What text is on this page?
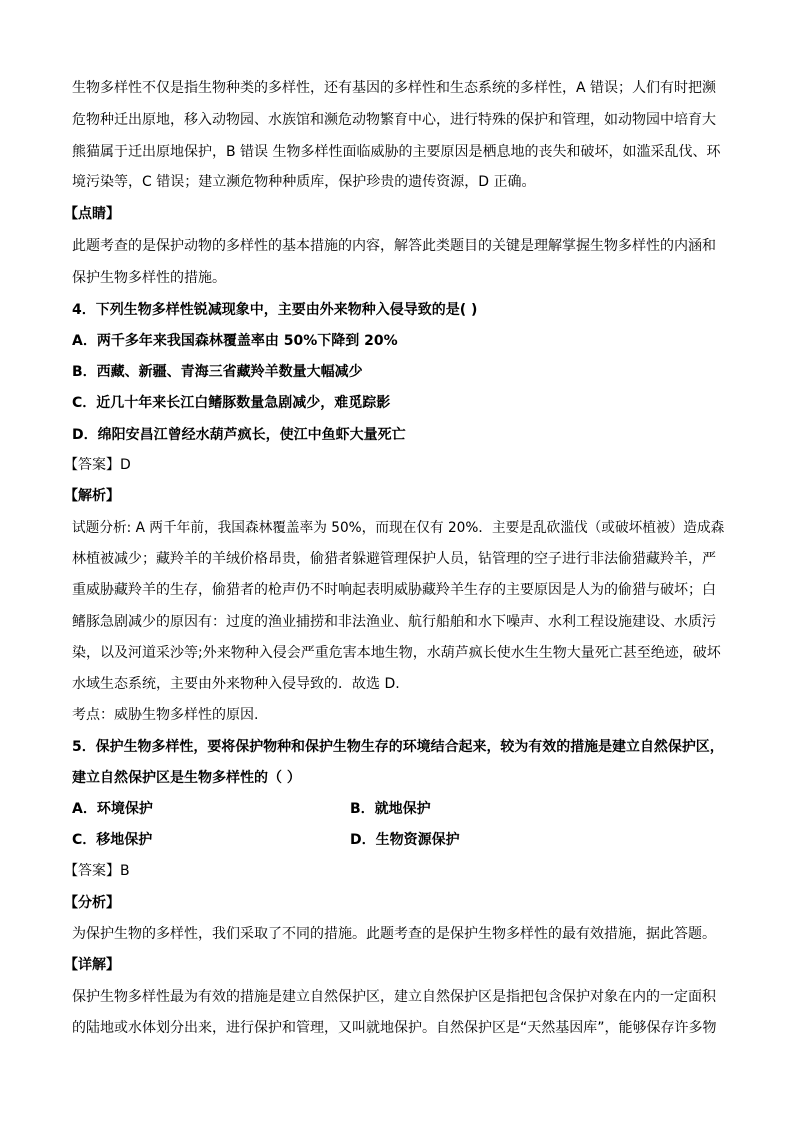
生物多样性不仅是指生物种类的多样性，还有基因的多样性和生态系统的多样性，A 错误；人们有时把濒
危物种迁出原地，移入动物园、水族馆和濒危动物繁育中心，进行特殊的保护和管理，如动物园中培育大
熊猫属于迁出原地保护，B 错误 生物多样性面临威胁的主要原因是栖息地的丧失和破坏，如滥采乱伐、环
境污染等，C 错误；建立濒危物种种质库，保护珍贵的遗传资源，D 正确。
【点睛】
此题考查的是保护动物的多样性的基本措施的内容，解答此类题目的关键是理解掌握生物多样性的内涵和
保护生物多样性的措施。
4．下列生物多样性锐减现象中，主要由外来物种入侵导致的是( )
A．两千多年来我国森林覆盖率由 50%下降到 20%
B．西藏、新疆、青海三省藏羚羊数量大幅减少
C．近几十年来长江白鳍豚数量急剧减少，难觅踪影
D．绵阳安昌江曾经水葫芦疯长，使江中鱼虾大量死亡
【答案】D
【解析】
试题分析: A 两千年前，我国森林覆盖率为 50%，而现在仅有 20%．主要是乱砍滥伐（或破坏植被）造成森
林植被减少；藏羚羊的羊绒价格昂贵，偷猎者躲避管理保护人员，钻管理的空子进行非法偷猎藏羚羊，严
重威胁藏羚羊的生存，偷猎者的枪声仍不时响起表明威胁藏羚羊生存的主要原因是人为的偷猎与破坏；白
鳍豚急剧减少的原因有：过度的渔业捕捞和非法渔业、航行船舶和水下噪声、水利工程设施建设、水质污
染，以及河道采沙等;外来物种入侵会严重危害本地生物，水葫芦疯长使水生生物大量死亡甚至绝迹，破坏
水域生态系统，主要由外来物种入侵导致的．故选 D.
考点：威胁生物多样性的原因.
5．保护生物多样性，要将保护物种和保护生物生存的环境结合起来，较为有效的措施是建立自然保护区，
建立自然保护区是生物多样性的（ ）
A．环境保护	B．就地保护
C．移地保护	D．生物资源保护
【答案】B
【分析】
为保护生物的多样性，我们采取了不同的措施。此题考查的是保护生物多样性的最有效措施，据此答题。
【详解】
保护生物多样性最为有效的措施是建立自然保护区，建立自然保护区是指把包含保护对象在内的一定面积
的陆地或水体划分出来，进行保护和管理，又叫就地保护。自然保护区是“天然基因库”，能够保存许多物
